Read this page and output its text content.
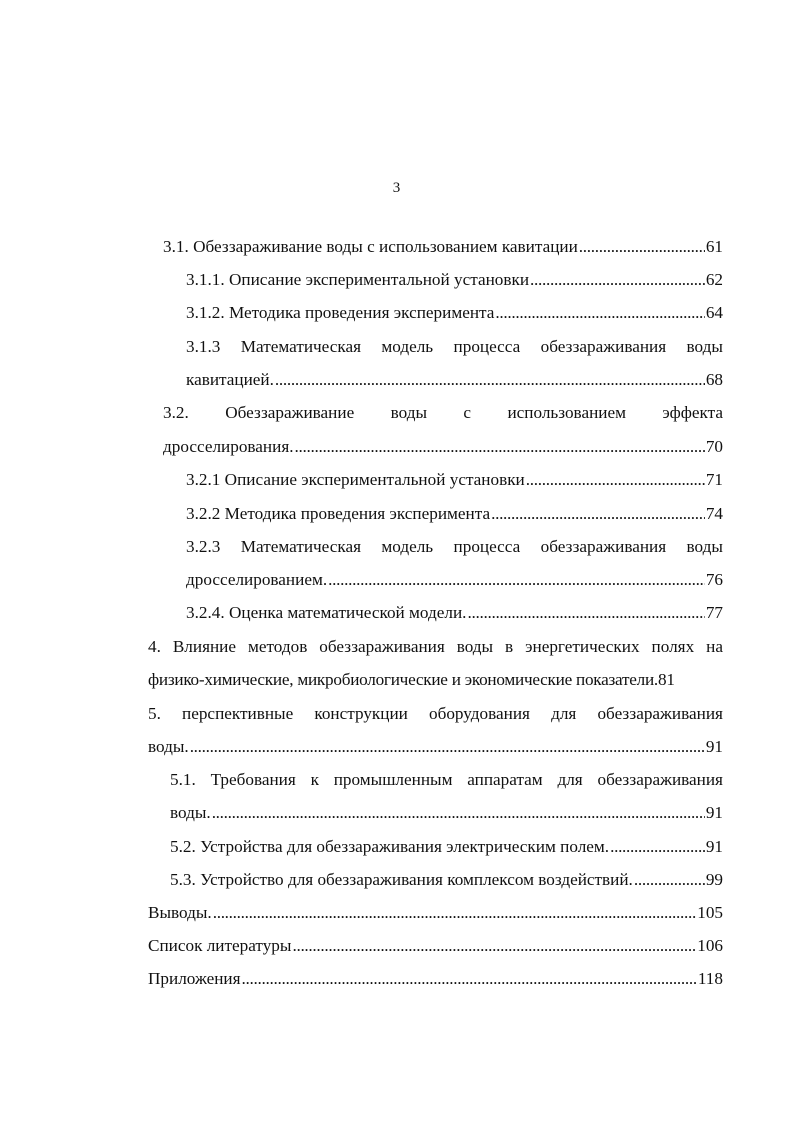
3
3.1. Обеззараживание воды с использованием кавитации . . .	61
3.1.1. Описание экспериментальной установки . . .	62
3.1.2. Методика проведения эксперимента . . .	64
3.1.3 Математическая модель процесса обеззараживания воды
кавитацией. . . .	68
3.2. Обеззараживание воды с использованием эффекта
дросселирования. . . .	70
3.2.1 Описание экспериментальной установки . . .	71
3.2.2 Методика проведения эксперимента . . .	74
3.2.3 Математическая модель процесса обеззараживания воды
дросселированием. . . .	76
3.2.4. Оценка математической модели. . . .	77
4. Влияние методов обеззараживания воды в энергетических полях на
физико-химические, микробиологические и экономические показатели. 81
5. перспективные конструкции оборудования для обеззараживания
воды. . . .	91
5.1. Требования к промышленным аппаратам для обеззараживания
воды. . . .	91
5.2. Устройства для обеззараживания электрическим полем. . . .	91
5.3. Устройство для обеззараживания комплексом воздействий. . . .	99
Выводы. . . .	105
Список литературы . . .	106
Приложения . . .	118
